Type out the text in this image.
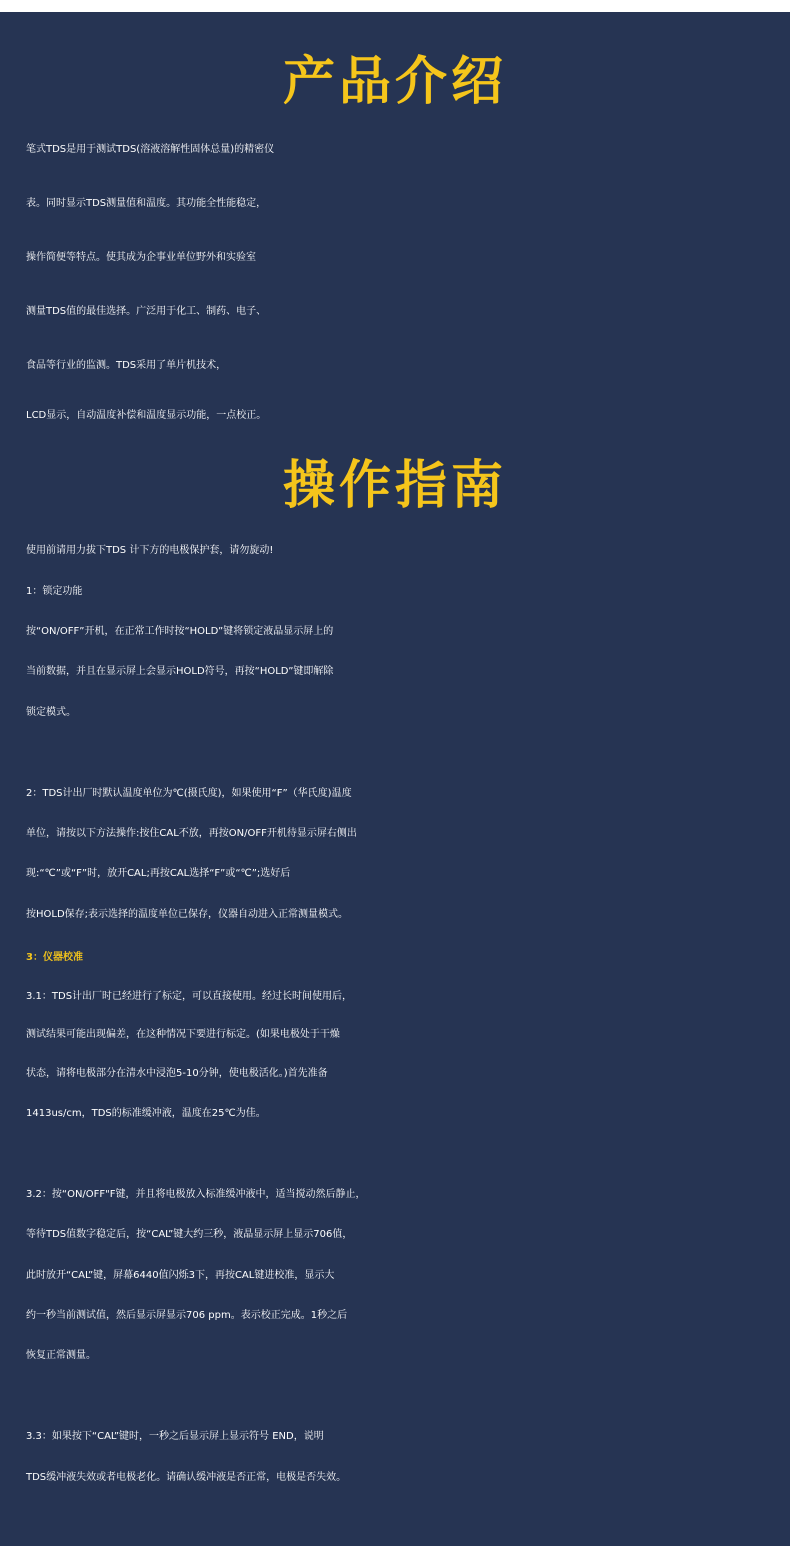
产品介绍
笔式TDS是用于测试TDS(溶液溶解性固体总量)的精密仪
表。同时显示TDS测量值和温度。其功能全性能稳定，
操作简便等特点。使其成为企事业单位野外和实验室
测量TDS值的最佳选择。广泛用于化工、制药、电子、
食品等行业的监测。TDS采用了单片机技术，
LCD显示，自动温度补偿和温度显示功能，一点校正。
操作指南
使用前请用力拔下TDS 计下方的电极保护套，请勿旋动!
1：锁定功能
按“ON/OFF”开机，在正常工作时按“HOLD”键将锁定液晶显示屏上的
当前数据，并且在显示屏上会显示HOLD符号，再按“HOLD”键即解除
锁定模式。
2：TDS计出厂时默认温度单位为℃(摄氏度)，如果使用“F”（华氏度)温度
单位，请按以下方法操作:按住CAL不放，再按ON/OFF开机待显示屏右侧出
现:“℃”或“F”时，放开CAL;再按CAL选择“F”或“℃”;选好后
按HOLD保存;表示选择的温度单位已保存，仪器自动进入正常测量模式。
3：仪器校准
3.1：TDS计出厂时已经进行了标定，可以直接使用。经过长时间使用后，
测试结果可能出现偏差，在这种情况下要进行标定。(如果电极处于干燥
状态，请将电极部分在清水中浸泡5-10分钟，使电极活化。)首先准备
1413us/cm，TDS的标准缓冲液，温度在25℃为佳。
3.2：按“ON/OFF"F键，并且将电极放入标准缓冲液中，适当搅动然后静止，
等待TDS值数字稳定后，按“CAL”键大约三秒，液晶显示屏上显示706值，
此时放开“CAL”键，屏幕6440值闪烁3下，再按CAL键进校准，显示大
约一秒当前测试值，然后显示屏显示706 ppm。表示校正完成。1秒之后
恢复正常测量。
3.3：如果按下“CAL”键时，一秒之后显示屏上显示符号 END，说明
TDS缓冲液失效或者电极老化。请确认缓冲液是否正常，电极是否失效。
